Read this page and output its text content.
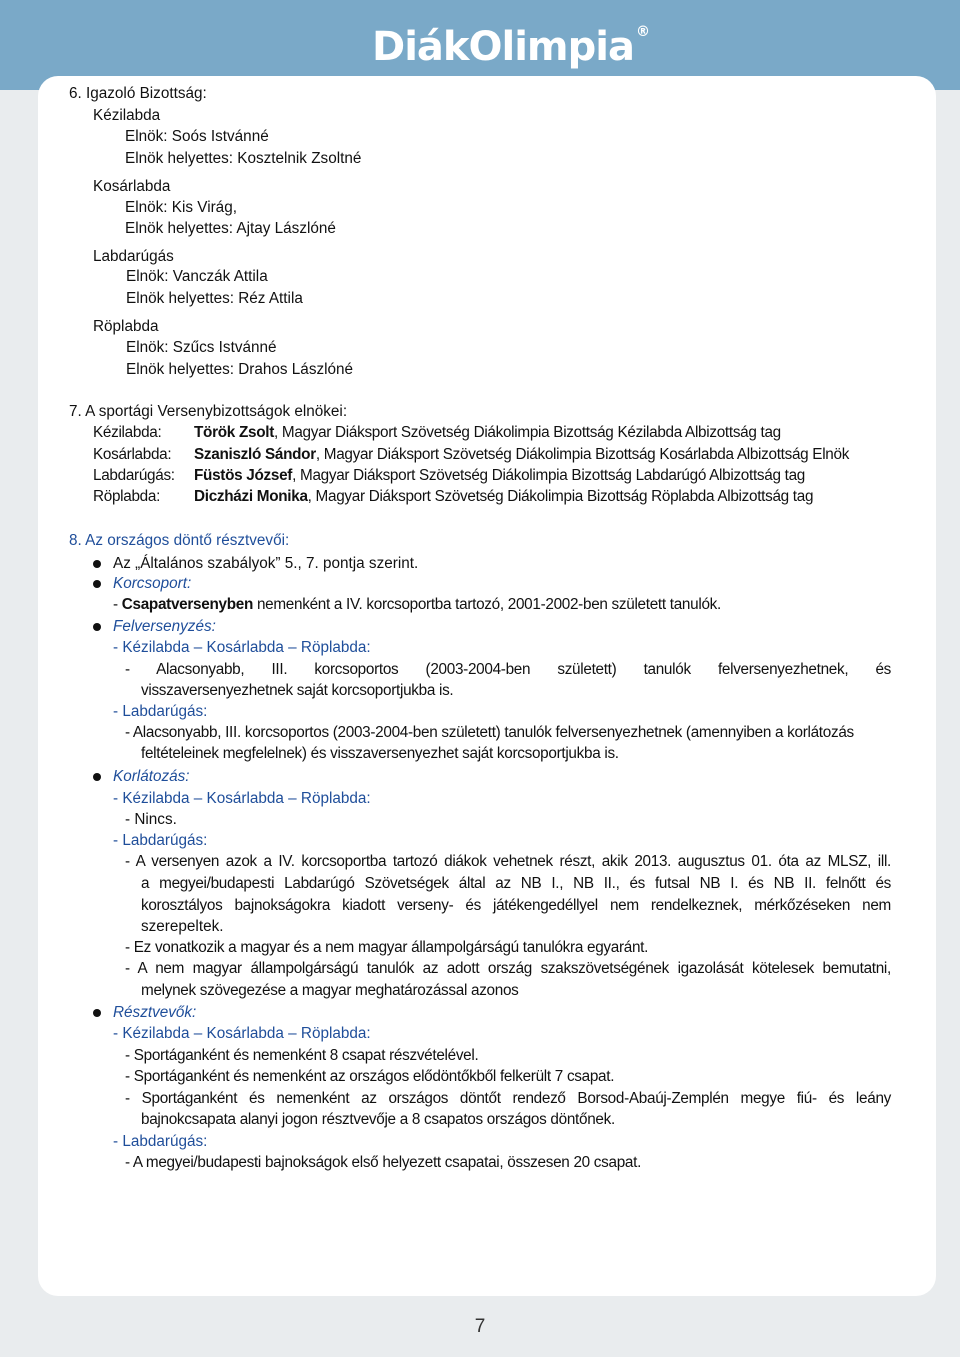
DiákOlimpia ®
6. Igazoló Bizottság:
Kézilabda
Elnök: Soós Istvánné
Elnök helyettes: Kosztelnik Zsoltné
Kosárlabda
Elnök: Kis Virág,
Elnök helyettes: Ajtay Lászlóné
Labdarúgás
Elnök: Vanczák Attila
Elnök helyettes: Réz Attila
Röplabda
Elnök: Szűcs Istvánné
Elnök helyettes: Drahos Lászlóné
7. A sportági Versenybizottságok elnökei:
Kézilabda: Török Zsolt, Magyar Diáksport Szövetség Diákolimpia Bizottság Kézilabda Albizottság tag
Kosárlabda: Szaniszló Sándor, Magyar Diáksport Szövetség Diákolimpia Bizottság Kosárlabda Albizottság Elnök
Labdarúgás: Füstös József, Magyar Diáksport Szövetség Diákolimpia Bizottság Labdarúgó Albizottság tag
Röplabda: Diczházi Monika, Magyar Diáksport Szövetség Diákolimpia Bizottság Röplabda Albizottság tag
8. Az országos döntő résztvevői:
Az „Általános szabályok” 5., 7. pontja szerint.
Korcsoport:
- Csapatversenyben nemenként a IV. korcsoportba tartozó, 2001-2002-ben született tanulók.
Felversenyzés:
- Kézilabda – Kosárlabda – Röplabda:
- Alacsonyabb, III. korcsoportos (2003-2004-ben született) tanulók felversenyezhetnek, és
visszaversenyezhetnek saját korcsoportjukba is.
- Labdarúgás:
- Alacsonyabb, III. korcsoportos (2003-2004-ben született) tanulók felversenyezhetnek (amennyiben a korlátozás
feltételeinek megfelelnek) és visszaversenyezhet saját korcsoportjukba is.
Korlátozás:
- Kézilabda – Kosárlabda – Röplabda:
- Nincs.
- Labdarúgás:
- A versenyen azok a IV. korcsoportba tartozó diákok vehetnek részt, akik 2013. augusztus 01. óta az MLSZ, ill.
a megyei/budapesti Labdarúgó Szövetségek által az NB I., NB II., és futsal NB I. és NB II. felnőtt és
korosztályos bajnokságokra kiadott verseny- és játékengedéllyel nem rendelkeznek, mérkőzéseken nem
szerepeltek.
- Ez vonatkozik a magyar és a nem magyar állampolgárságú tanulókra egyaránt.
- A nem magyar állampolgárságú tanulók az adott ország szakszövetségének igazolását kötelesek bemutatni,
melynek szövegezése a magyar meghatározással azonos
Résztvevők:
- Kézilabda – Kosárlabda – Röplabda:
- Sportáganként és nemenként 8 csapat részvételével.
- Sportáganként és nemenként az országos elődöntőkből felkerült 7 csapat.
- Sportáganként és nemenként az országos döntőt rendező Borsod-Abaúj-Zemplén megye fiú- és leány
bajnokcsapata alanyi jogon résztvevője a 8 csapatos országos döntőnek.
- Labdarúgás:
- A megyei/budapesti bajnokságok első helyezett csapatai, összesen 20 csapat.
7
